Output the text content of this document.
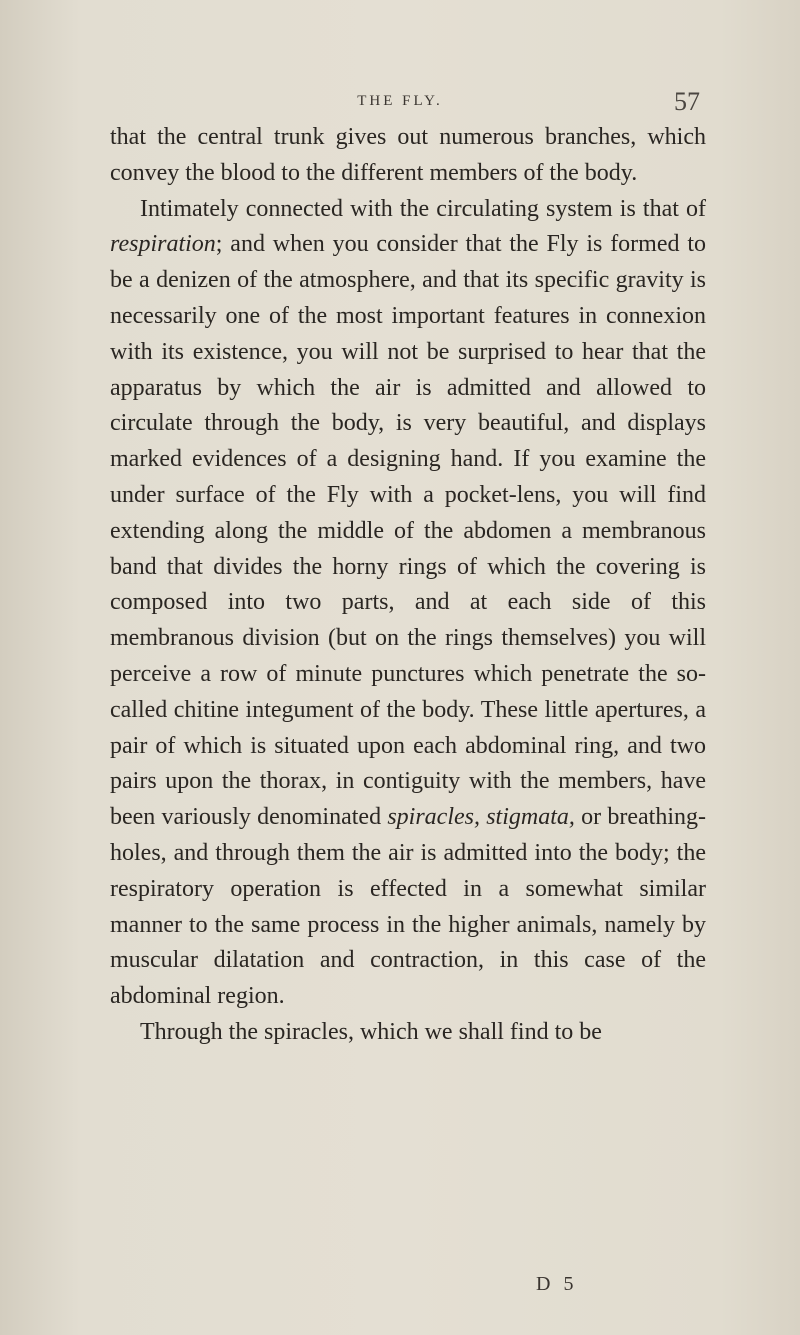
THE FLY.	57

that the central trunk gives out numerous branches, which convey the blood to the different members of the body.

Intimately connected with the circulating system is that of respiration; and when you consider that the Fly is formed to be a denizen of the atmosphere, and that its specific gravity is necessarily one of the most important features in connexion with its existence, you will not be surprised to hear that the apparatus by which the air is admitted and allowed to circulate through the body, is very beautiful, and displays marked evidences of a designing hand. If you examine the under surface of the Fly with a pocket-lens, you will find extending along the middle of the abdomen a membranous band that divides the horny rings of which the covering is composed into two parts, and at each side of this membranous division (but on the rings themselves) you will perceive a row of minute punctures which penetrate the so-called chitine integument of the body. These little apertures, a pair of which is situated upon each abdominal ring, and two pairs upon the thorax, in contiguity with the members, have been variously denominated spiracles, stigmata, or breathing-holes, and through them the air is admitted into the body; the respiratory operation is effected in a somewhat similar manner to the same process in the higher animals, namely by muscular dilatation and contraction, in this case of the abdominal region.

Through the spiracles, which we shall find to be

D 5
